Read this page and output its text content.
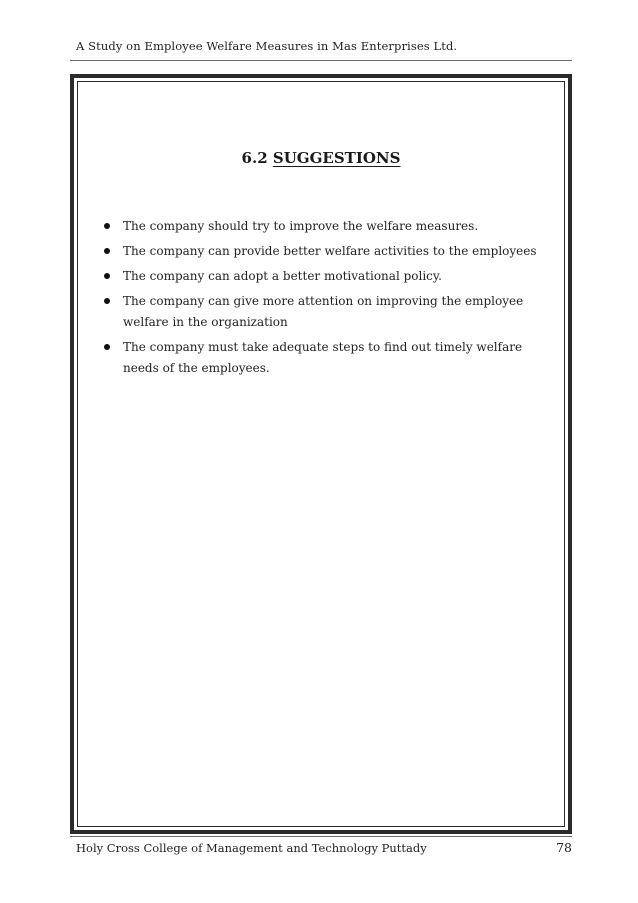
A Study on Employee Welfare Measures in Mas Enterprises Ltd.
6.2 SUGGESTIONS
The company should try to improve the welfare measures.
The company can provide better welfare activities to the employees
The company can adopt a better motivational policy.
The company can give more attention on improving the employee welfare in the organization
The company must take adequate steps to find out timely welfare needs of the employees.
Holy Cross College of Management and Technology Puttady	78
